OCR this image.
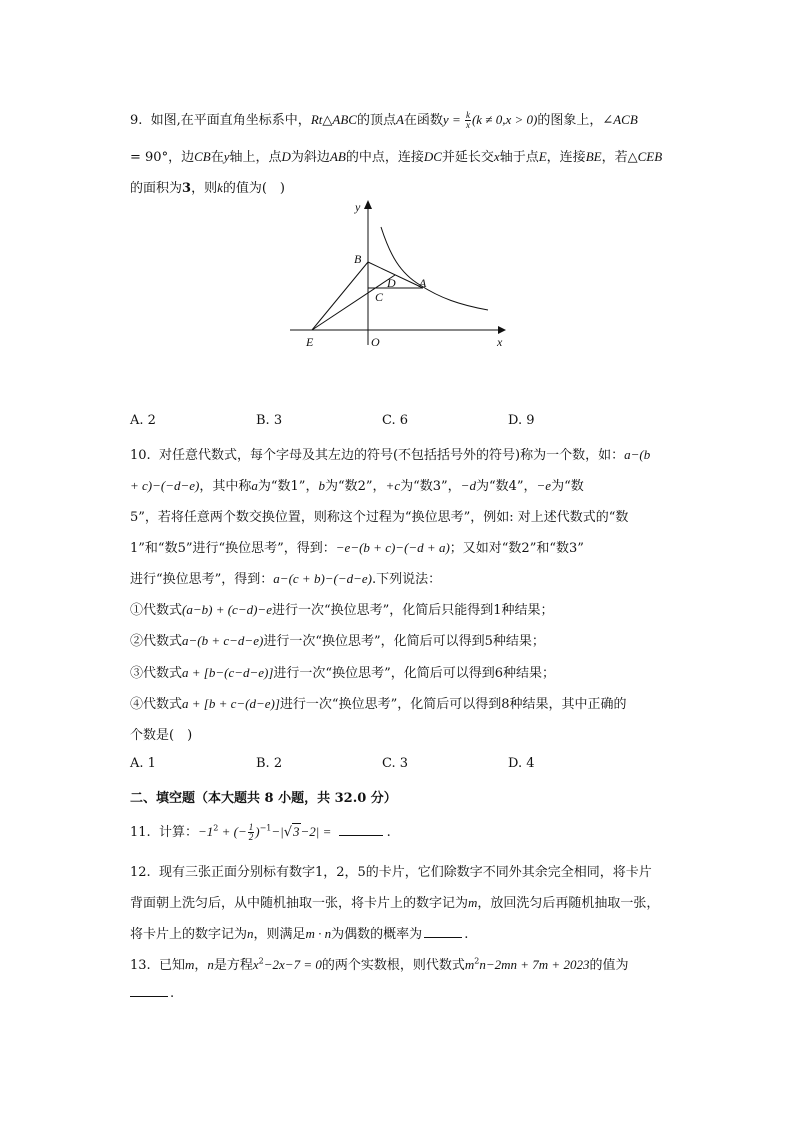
9. 如图,在平面直角坐标系中，Rt△ABC的顶点A在函数$y = \frac{k}{x} (k \ne 0,x > 0)$的图象上，∠ACB
= 90°，边CB在y轴上，点D为斜边AB的中点，连接DC并延长交x轴于点E，连接BE，若△CEB
的面积为3，则k的值为(　)
y
x
B
D A
C
E	O
A. 2	B. 3	C. 6	D. 9
10. 对任意代数式，每个字母及其左边的符号(不包括括号外的符号)称为一个数，如：a−(b
+ c)−(−d−e)，其中称a为“数1”，b为“数2”，+c为“数3”，−d为“数4”，−e为“数
5”，若将任意两个数交换位置，则称这个过程为“换位思考”，例如: 对上述代数式的“数
1”和“数5”进行“换位思考”，得到：−e−(b + c)−(−d + a)；又如对“数2”和“数3”
进行“换位思考”，得到：a−(c + b)−(−d−e).下列说法：
①代数式(a−b) + (c−d)−e进行一次“换位思考”，化简后只能得到1种结果；
②代数式a−(b + c−d−e)进行一次“换位思考”，化简后可以得到5种结果；
③代数式a + [b−(c−d−e)]进行一次“换位思考”，化简后可以得到6种结果；
④代数式a + [b + c−(d−e)]进行一次“换位思考”，化简后可以得到8种结果，其中正确的
个数是(　)
A. 1	B. 2	C. 3	D. 4
二、填空题（本大题共 8 小题，共 32.0 分）
11. 计算：$-1^2$ + (− $\frac{1}{2} )^{-1}-|√3-2|$ =	.
12. 现有三张正面分别标有数字1，2，5的卡片，它们除数字不同外其余完全相同，将卡片
背面朝上洗匀后，从中随机抽取一张，将卡片上的数字记为m，放回洗匀后再随机抽取一张，
将卡片上的数字记为n，则满足m · n为偶数的概率为	.
13. 已知m，n是方程$x^2-2x-7 = 0$的两个实数根，则代数式$m^2n-2mn + 7m + 2023$的值为
.
